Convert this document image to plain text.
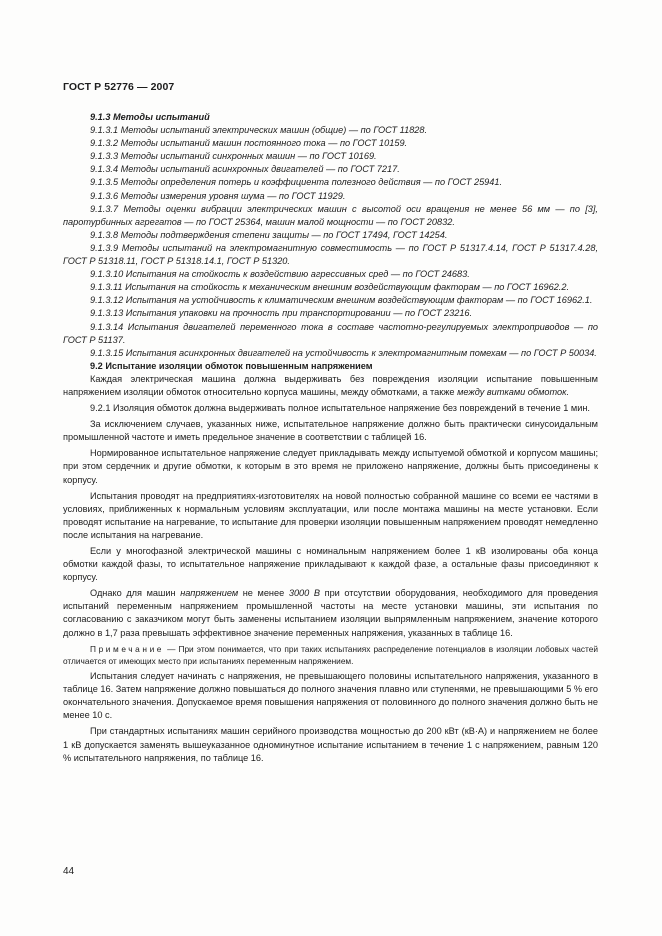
ГОСТ Р 52776 — 2007

9.1.3 Методы испытаний

9.1.3.1 Методы испытаний электрических машин (общие) — по ГОСТ 11828.

9.1.3.2 Методы испытаний машин постоянного тока — по ГОСТ 10159.

9.1.3.3 Методы испытаний синхронных машин — по ГОСТ 10169.

9.1.3.4 Методы испытаний асинхронных двигателей — по ГОСТ 7217.

9.1.3.5 Методы определения потерь и коэффициента полезного действия — по ГОСТ 25941.

9.1.3.6 Методы измерения уровня шума — по ГОСТ 11929.

9.1.3.7 Методы оценки вибрации электрических машин с высотой оси вращения не менее 56 мм — по [3], паротурбинных агрегатов — по ГОСТ 25364, машин малой мощности — по ГОСТ 20832.

9.1.3.8 Методы подтверждения степени защиты — по ГОСТ 17494, ГОСТ 14254.

9.1.3.9 Методы испытаний на электромагнитную совместимость — по ГОСТ Р 51317.4.14, ГОСТ Р 51317.4.28, ГОСТ Р 51318.11, ГОСТ Р 51318.14.1, ГОСТ Р 51320.

9.1.3.10 Испытания на стойкость к воздействию агрессивных сред — по ГОСТ 24683.

9.1.3.11 Испытания на стойкость к механическим внешним воздействующим факторам — по ГОСТ 16962.2.

9.1.3.12 Испытания на устойчивость к климатическим внешним воздействующим факторам — по ГОСТ 16962.1.

9.1.3.13 Испытания упаковки на прочность при транспортировании — по ГОСТ 23216.

9.1.3.14 Испытания двигателей переменного тока в составе частотно-регулируемых электроприводов — по ГОСТ Р 51137.

9.1.3.15 Испытания асинхронных двигателей на устойчивость к электромагнитным помехам — по ГОСТ Р 50034.

9.2 Испытание изоляции обмоток повышенным напряжением

Каждая электрическая машина должна выдерживать без повреждения изоляции испытание повышенным напряжением изоляции обмоток относительно корпуса машины, между обмотками, а также между витками обмоток.

9.2.1 Изоляция обмоток должна выдерживать полное испытательное напряжение без повреждений в течение 1 мин.

За исключением случаев, указанных ниже, испытательное напряжение должно быть практически синусоидальным промышленной частоте и иметь предельное значение в соответствии с таблицей 16.

Нормированное испытательное напряжение следует прикладывать между испытуемой обмоткой и корпусом машины; при этом сердечник и другие обмотки, к которым в это время не приложено напряжение, должны быть присоединены к корпусу.

Испытания проводят на предприятиях-изготовителях на новой полностью собранной машине со всеми ее частями в условиях, приближенных к нормальным условиям эксплуатации, или после монтажа машины на месте установки. Если проводят испытание на нагревание, то испытание для проверки изоляции повышенным напряжением проводят немедленно после испытания на нагревание.

Если у многофазной электрической машины с номинальным напряжением более 1 кВ изолированы оба конца обмотки каждой фазы, то испытательное напряжение прикладывают к каждой фазе, а остальные фазы присоединяют к корпусу.

Однако для машин напряжением не менее 3000 В при отсутствии оборудования, необходимого для проведения испытаний переменным напряжением промышленной частоты на месте установки машины, эти испытания по согласованию с заказчиком могут быть заменены испытанием изоляции выпрямленным напряжением, значение которого должно в 1,7 раза превышать эффективное значение переменных напряжения, указанных в таблице 16.

Примечание — При этом понимается, что при таких испытаниях распределение потенциалов в изоляции лобовых частей отличается от имеющих место при испытаниях переменным напряжением.

Испытания следует начинать с напряжения, не превышающего половины испытательного напряжения, указанного в таблице 16. Затем напряжение должно повышаться до полного значения плавно или ступенями, не превышающими 5 % его окончательного значения. Допускаемое время повышения напряжения от половинного до полного значения должно быть не менее 10 с.

При стандартных испытаниях машин серийного производства мощностью до 200 кВт (кВ·А) и напряжением не более 1 кВ допускается заменять вышеуказанное одноминутное испытание испытанием в течение 1 с напряжением, равным 120 % испытательного напряжения, по таблице 16.

44
